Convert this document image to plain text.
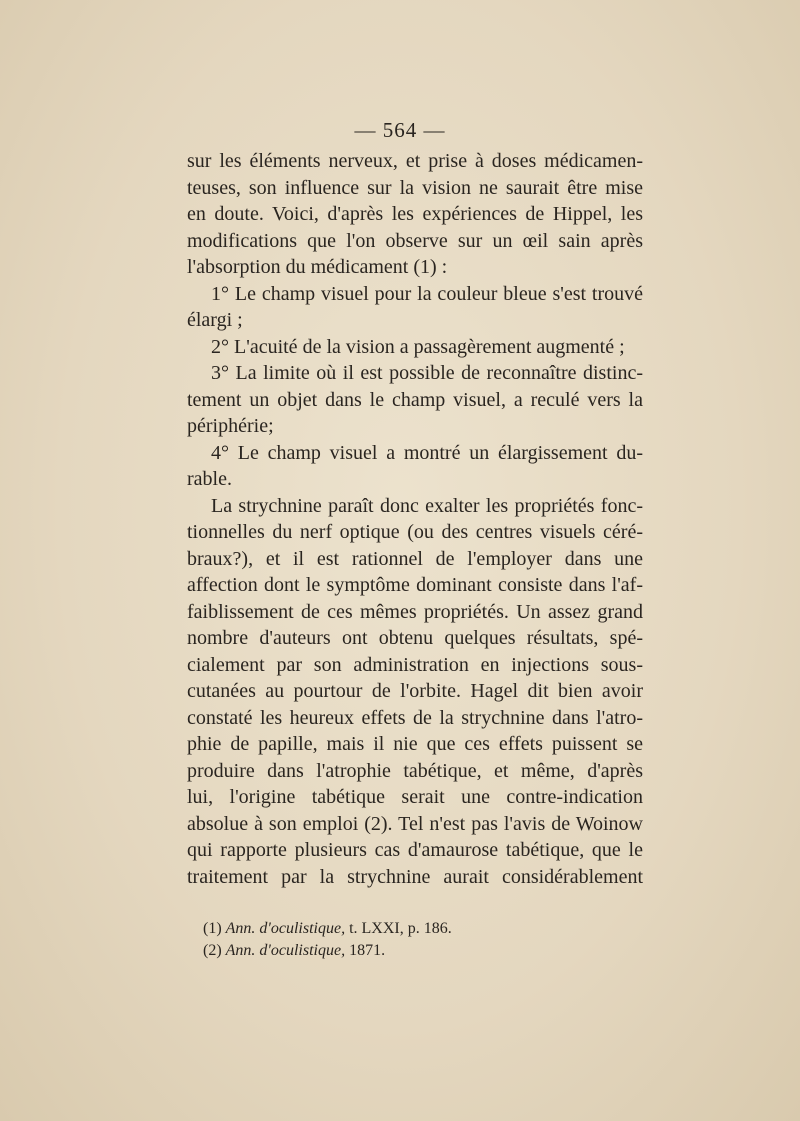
— 564 —
sur les éléments nerveux, et prise à doses médicamen-
teuses, son influence sur la vision ne saurait être mise
en doute. Voici, d'après les expériences de Hippel, les
modifications que l'on observe sur un œil sain après
l'absorption du médicament (1) :
1° Le champ visuel pour la couleur bleue s'est trouvé
élargi ;
2° L'acuité de la vision a passagèrement augmenté ;
3° La limite où il est possible de reconnaître distinc-
tement un objet dans le champ visuel, a reculé vers la
périphérie;
4° Le champ visuel a montré un élargissement du-
rable.
La strychnine paraît donc exalter les propriétés fonc-
tionnelles du nerf optique (ou des centres visuels céré-
braux?), et il est rationnel de l'employer dans une
affection dont le symptôme dominant consiste dans l'af-
faiblissement de ces mêmes propriétés. Un assez grand
nombre d'auteurs ont obtenu quelques résultats, spé-
cialement par son administration en injections sous-
cutanées au pourtour de l'orbite. Hagel dit bien avoir
constaté les heureux effets de la strychnine dans l'atro-
phie de papille, mais il nie que ces effets puissent se
produire dans l'atrophie tabétique, et même, d'après
lui, l'origine tabétique serait une contre-indication
absolue à son emploi (2). Tel n'est pas l'avis de Woinow
qui rapporte plusieurs cas d'amaurose tabétique, que le
traitement par la strychnine aurait considérablement
(1) Ann. d'oculistique, t. LXXI, p. 186.
(2) Ann. d'oculistique, 1871.
